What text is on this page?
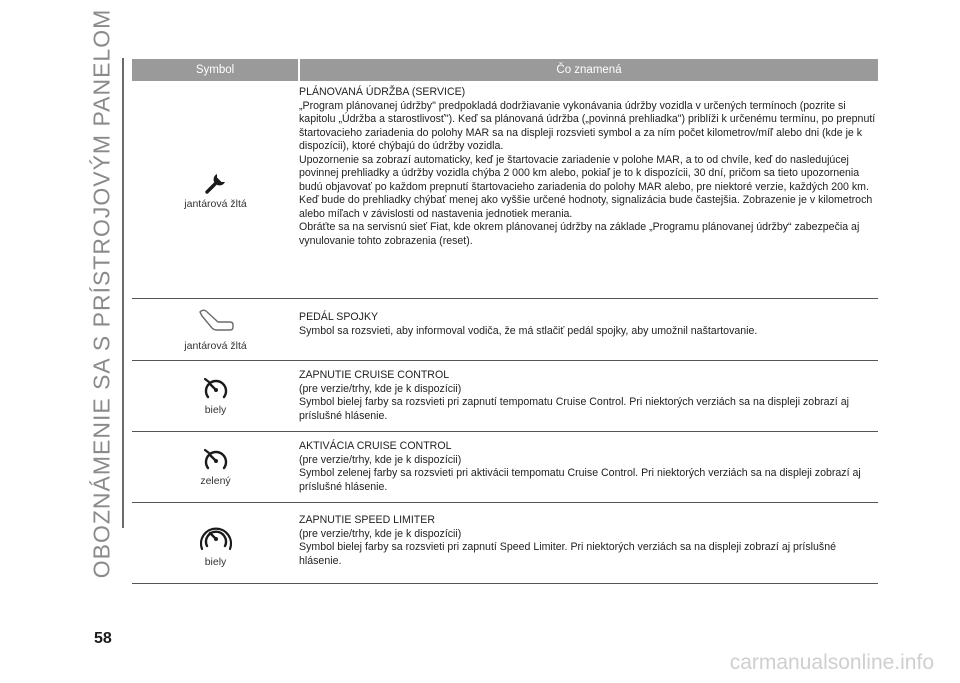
OBOZNÁMENIE SA S PRÍSTROJOVÝM PANELOM	Symbol	Čo znamená

jantárová žltá	PLÁNOVANÁ ÚDRŽBA (SERVICE)
„Program plánovanej údržby" predpokladá dodržiavanie vykonávania údržby vozidla v určených termínoch (pozrite si kapitolu „Údržba a starostlivosť"). Keď sa plánovaná údržba („povinná prehliadka") priblíži k určenému termínu, po prepnutí štartovacieho zariadenia do polohy MAR sa na displeji rozsvieti symbol a za ním počet kilometrov/míľ alebo dni (kde je k dispozícii), ktoré chýbajú do údržby vozidla.
Upozornenie sa zobrazí automaticky, keď je štartovacie zariadenie v polohe MAR, a to od chvíle, keď do nasledujúcej povinnej prehliadky a údržby vozidla chýba 2 000 km alebo, pokiaľ je to k dispozícii, 30 dní, pričom sa tieto upozornenia budú objavovať po každom prepnutí štartovacieho zariadenia do polohy MAR alebo, pre niektoré verzie, každých 200 km. Keď bude do prehliadky chýbať menej ako vyššie určené hodnoty, signalizácia bude častejšia. Zobrazenie je v kilometroch alebo míľach v závislosti od nastavenia jednotiek merania.
Obráťte sa na servisnú sieť Fiat, kde okrem plánovanej údržby na základe „Programu plánovanej údržby“ zabezpečia aj vynulovanie tohto zobrazenia (reset).

jantárová žltá	PEDÁL SPOJKY
Symbol sa rozsvieti, aby informoval vodiča, že má stlačiť pedál spojky, aby umožnil naštartovanie.

biely	ZAPNUTIE CRUISE CONTROL
(pre verzie/trhy, kde je k dispozícii)
Symbol bielej farby sa rozsvieti pri zapnutí tempomatu Cruise Control. Pri niektorých verziách sa na displeji zobrazí aj príslušné hlásenie.

zelený	AKTIVÁCIA CRUISE CONTROL
(pre verzie/trhy, kde je k dispozícii)
Symbol zelenej farby sa rozsvieti pri aktivácii tempomatu Cruise Control. Pri niektorých verziách sa na displeji zobrazí aj príslušné hlásenie.

biely	ZAPNUTIE SPEED LIMITER
(pre verzie/trhy, kde je k dispozícii)
Symbol bielej farby sa rozsvieti pri zapnutí Speed Limiter. Pri niektorých verziách sa na displeji zobrazí aj príslušné hlásenie.
58
carmanualsonline.info
